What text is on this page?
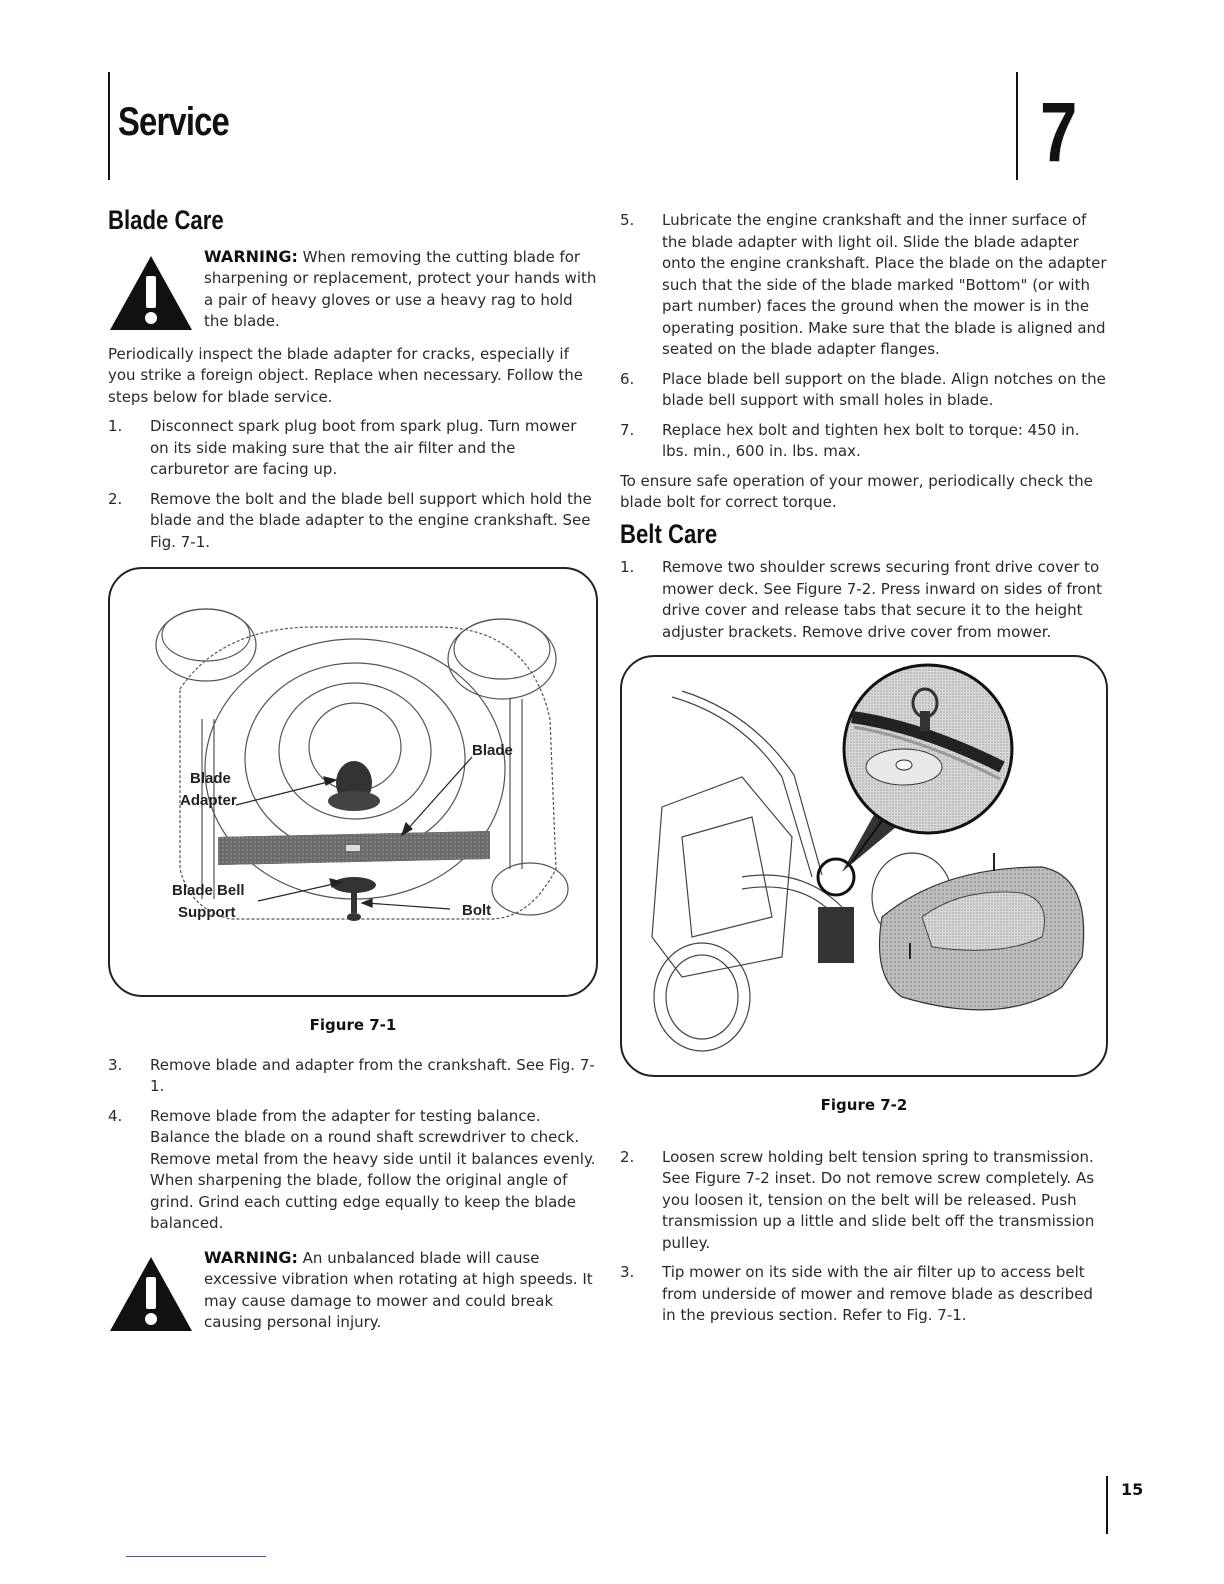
Service	7
Blade Care
WARNING: When removing the cutting blade for sharpening or replacement, protect your hands with a pair of heavy gloves or use a heavy rag to hold the blade.

Periodically inspect the blade adapter for cracks, especially if you strike a foreign object. Replace when necessary. Follow the steps below for blade service.

1. Disconnect spark plug boot from spark plug. Turn mower on its side making sure that the air filter and the carburetor are facing up.
2. Remove the bolt and the blade bell support which hold the blade and the blade adapter to the engine crankshaft. See Fig. 7-1.
Blade
Adapter
Blade
Blade Bell
Support	Bolt
Figure 7-1
3. Remove blade and adapter from the crankshaft. See Fig. 7-1.
4. Remove blade from the adapter for testing balance. Balance the blade on a round shaft screwdriver to check. Remove metal from the heavy side until it balances evenly. When sharpening the blade, follow the original angle of grind. Grind each cutting edge equally to keep the blade balanced.
WARNING: An unbalanced blade will cause excessive vibration when rotating at high speeds. It may cause damage to mower and could break causing personal injury.
5. Lubricate the engine crankshaft and the inner surface of the blade adapter with light oil. Slide the blade adapter onto the engine crankshaft. Place the blade on the adapter such that the side of the blade marked "Bottom" (or with part number) faces the ground when the mower is in the operating position. Make sure that the blade is aligned and seated on the blade adapter flanges.
6. Place blade bell support on the blade. Align notches on the blade bell support with small holes in blade.
7. Replace hex bolt and tighten hex bolt to torque: 450 in. lbs. min., 600 in. lbs. max.

To ensure safe operation of your mower, periodically check the blade bolt for correct torque.

Belt Care
1. Remove two shoulder screws securing front drive cover to mower deck. See Figure 7-2. Press inward on sides of front drive cover and release tabs that secure it to the height adjuster brackets. Remove drive cover from mower.
Figure 7-2
2. Loosen screw holding belt tension spring to transmission. See Figure 7-2 inset. Do not remove screw completely. As you loosen it, tension on the belt will be released. Push transmission up a little and slide belt off the transmission pulley.
3. Tip mower on its side with the air filter up to access belt from underside of mower and remove blade as described in the previous section. Refer to Fig. 7-1.
15
